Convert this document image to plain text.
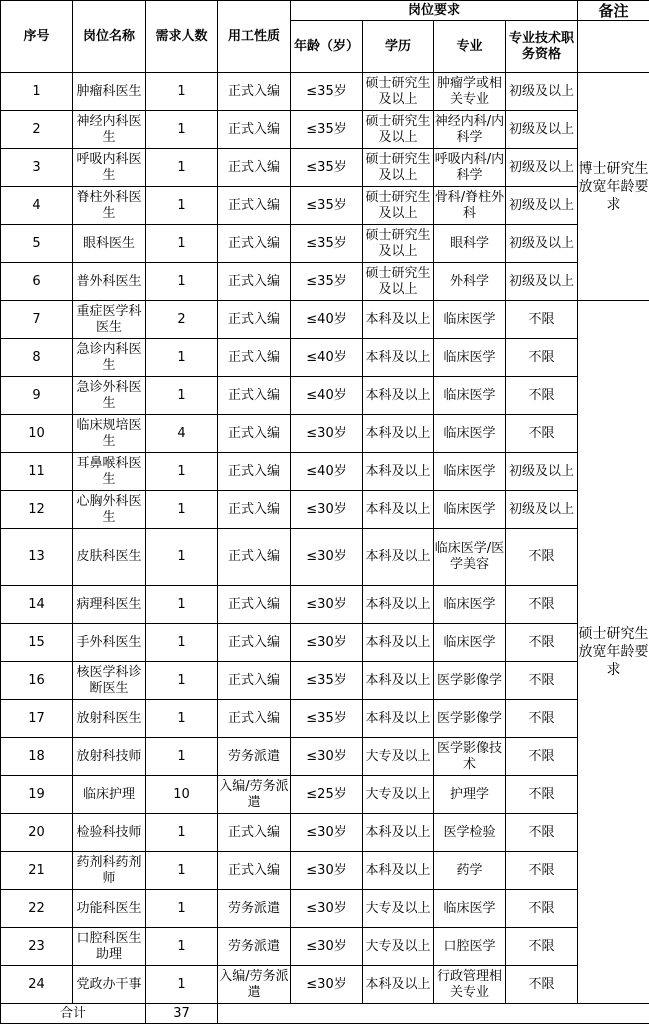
序号	岗位名称	需求人数	用工性质	岗位要求				备注
				年龄（岁）	学历	专业	专业技术职务资格	
1	肿瘤科医生	1	正式入编	≤35岁	硕士研究生及以上	肿瘤学或相关专业	初级及以上	博士研究生放宽年龄要求
2	神经内科医生	1	正式入编	≤35岁	硕士研究生及以上	神经内科/内科学	初级及以上	
3	呼吸内科医生	1	正式入编	≤35岁	硕士研究生及以上	呼吸内科/内科学	初级及以上	
4	脊柱外科医生	1	正式入编	≤35岁	硕士研究生及以上	骨科/脊柱外科	初级及以上	
5	眼科医生	1	正式入编	≤35岁	硕士研究生及以上	眼科学	初级及以上	
6	普外科医生	1	正式入编	≤35岁	硕士研究生及以上	外科学	初级及以上	
7	重症医学科医生	2	正式入编	≤40岁	本科及以上	临床医学	不限	硕士研究生放宽年龄要求
8	急诊内科医生	1	正式入编	≤40岁	本科及以上	临床医学	不限	
9	急诊外科医生	1	正式入编	≤40岁	本科及以上	临床医学	不限	
10	临床规培医生	4	正式入编	≤30岁	本科及以上	临床医学	不限	
11	耳鼻喉科医生	1	正式入编	≤40岁	本科及以上	临床医学	初级及以上	
12	心胸外科医生	1	正式入编	≤30岁	本科及以上	临床医学	初级及以上	
13	皮肤科医生	1	正式入编	≤30岁	本科及以上	临床医学/医学美容	不限	
14	病理科医生	1	正式入编	≤30岁	本科及以上	临床医学	不限	
15	手外科医生	1	正式入编	≤30岁	本科及以上	临床医学	不限	
16	核医学科诊断医生	1	正式入编	≤35岁	本科及以上	医学影像学	不限	
17	放射科医生	1	正式入编	≤35岁	本科及以上	医学影像学	不限	
18	放射科技师	1	劳务派遣	≤30岁	大专及以上	医学影像技术	不限	
19	临床护理	10	入编/劳务派遣	≤25岁	大专及以上	护理学	不限	
20	检验科技师	1	正式入编	≤30岁	本科及以上	医学检验	不限	
21	药剂科药剂师	1	正式入编	≤30岁	本科及以上	药学	不限	
22	功能科医生	1	劳务派遣	≤30岁	大专及以上	临床医学	不限	
23	口腔科医生助理	1	劳务派遣	≤30岁	大专及以上	口腔医学	不限	
24	党政办干事	1	入编/劳务派遣	≤30岁	本科及以上	行政管理相关专业	不限	
合计		37						
